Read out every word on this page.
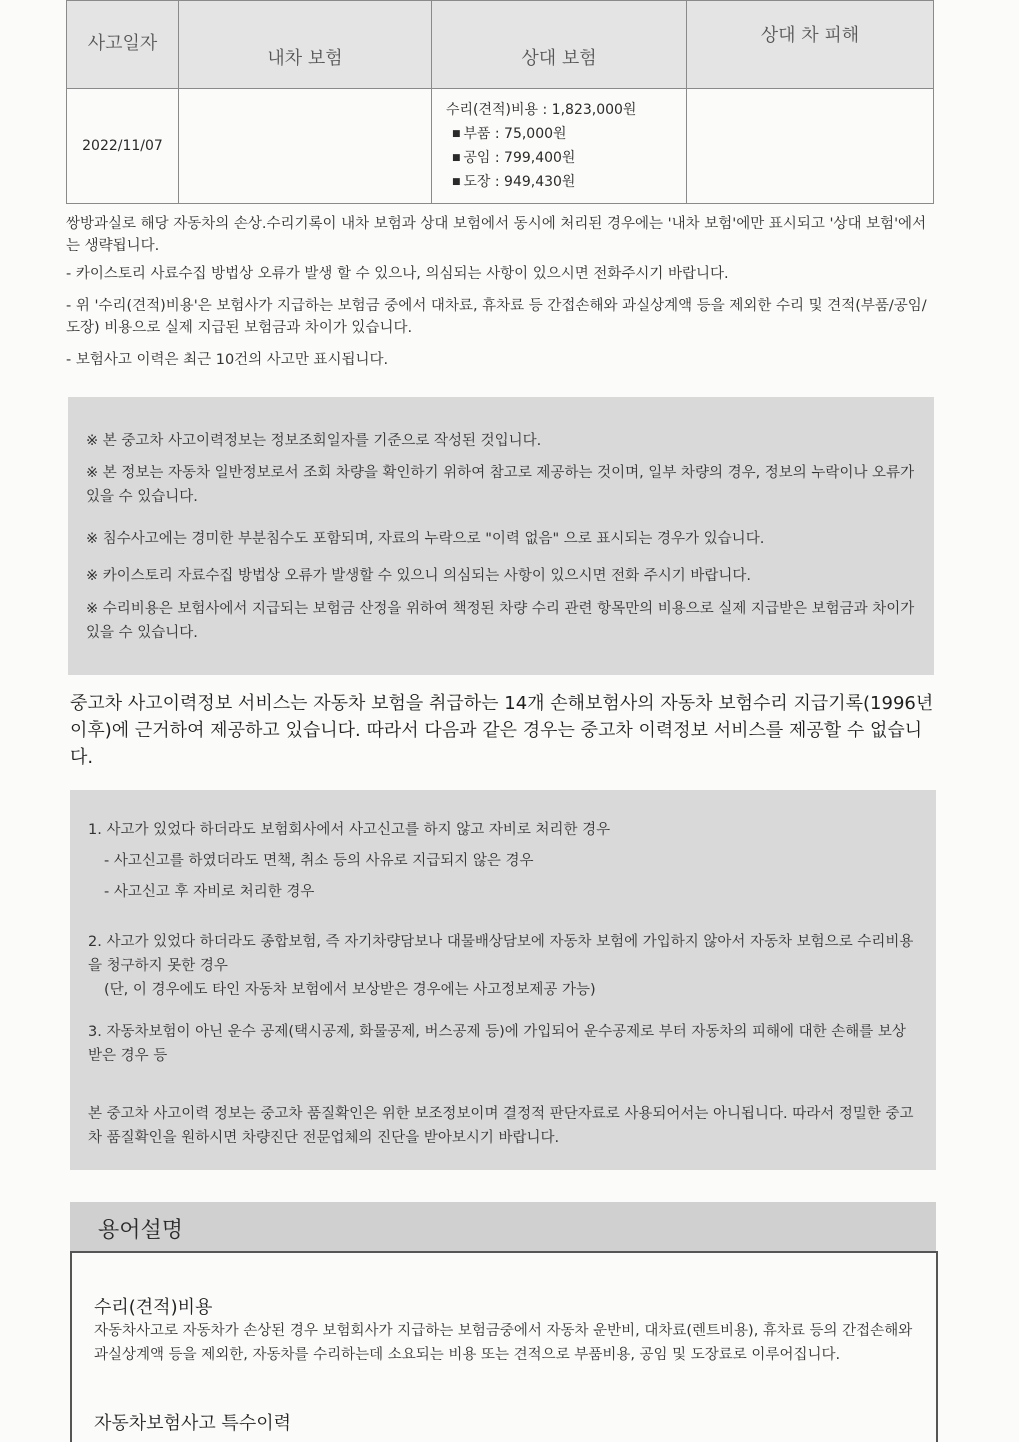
사고일자	내차 보험	상대 보험	상대 차 피해
2022/11/07		수리(견적)비용 : 1,823,000원
■ 부품 : 75,000원
■ 공임 : 799,400원
■ 도장 : 949,430원

쌍방과실로 해당 자동차의 손상.수리기록이 내차 보험과 상대 보험에서 동시에 처리된 경우에는 '내차 보험'에만 표시되고 '상대 보험'에서는 생략됩니다.

- 카이스토리 사료수집 방법상 오류가 발생 할 수 있으나, 의심되는 사항이 있으시면 전화주시기 바랍니다.

- 위 '수리(견적)비용'은 보험사가 지급하는 보험금 중에서 대차료, 휴차료 등 간접손해와 과실상계액 등을 제외한 수리 및 견적(부품/공임/도장) 비용으로 실제 지급된 보험금과 차이가 있습니다.

- 보험사고 이력은 최근 10건의 사고만 표시됩니다.

※ 본 중고차 사고이력정보는 정보조회일자를 기준으로 작성된 것입니다.

※ 본 정보는 자동차 일반정보로서 조회 차량을 확인하기 위하여 참고로 제공하는 것이며, 일부 차량의 경우, 정보의 누락이나 오류가 있을 수 있습니다.

※ 침수사고에는 경미한 부분침수도 포함되며, 자료의 누락으로 "이력 없음" 으로 표시되는 경우가 있습니다.

※ 카이스토리 자료수집 방법상 오류가 발생할 수 있으니 의심되는 사항이 있으시면 전화 주시기 바랍니다.

※ 수리비용은 보험사에서 지급되는 보험금 산정을 위하여 책정된 차량 수리 관련 항목만의 비용으로 실제 지급받은 보험금과 차이가 있을 수 있습니다.

중고차 사고이력정보 서비스는 자동차 보험을 취급하는 14개 손해보험사의 자동차 보험수리 지급기록(1996년 이후)에 근거하여 제공하고 있습니다. 따라서 다음과 같은 경우는 중고차 이력정보 서비스를 제공할 수 없습니다.
1. 사고가 있었다 하더라도 보험회사에서 사고신고를 하지 않고 자비로 처리한 경우
- 사고신고를 하였더라도 면책, 취소 등의 사유로 지급되지 않은 경우
- 사고신고 후 자비로 처리한 경우
2. 사고가 있었다 하더라도 종합보험, 즉 자기차량담보나 대물배상담보에 자동차 보험에 가입하지 않아서 자동차 보험으로 수리비용을 청구하지 못한 경우
(단, 이 경우에도 타인 자동차 보험에서 보상받은 경우에는 사고정보제공 가능)
3. 자동차보험이 아닌 운수 공제(택시공제, 화물공제, 버스공제 등)에 가입되어 운수공제로 부터 자동차의 피해에 대한 손해를 보상받은 경우 등
본 중고차 사고이력 정보는 중고차 품질확인은 위한 보조정보이며 결정적 판단자료로 사용되어서는 아니됩니다. 따라서 정밀한 중고차 품질확인을 원하시면 차량진단 전문업체의 진단을 받아보시기 바랍니다.
용어설명
수리(견적)비용
자동차사고로 자동차가 손상된 경우 보험회사가 지급하는 보험금중에서 자동차 운반비, 대차료(렌트비용), 휴차료 등의 간접손해와 과실상계액 등을 제외한, 자동차를 수리하는데 소요되는 비용 또는 견적으로 부품비용, 공임 및 도장료로 이루어집니다.
자동차보험사고 특수이력
